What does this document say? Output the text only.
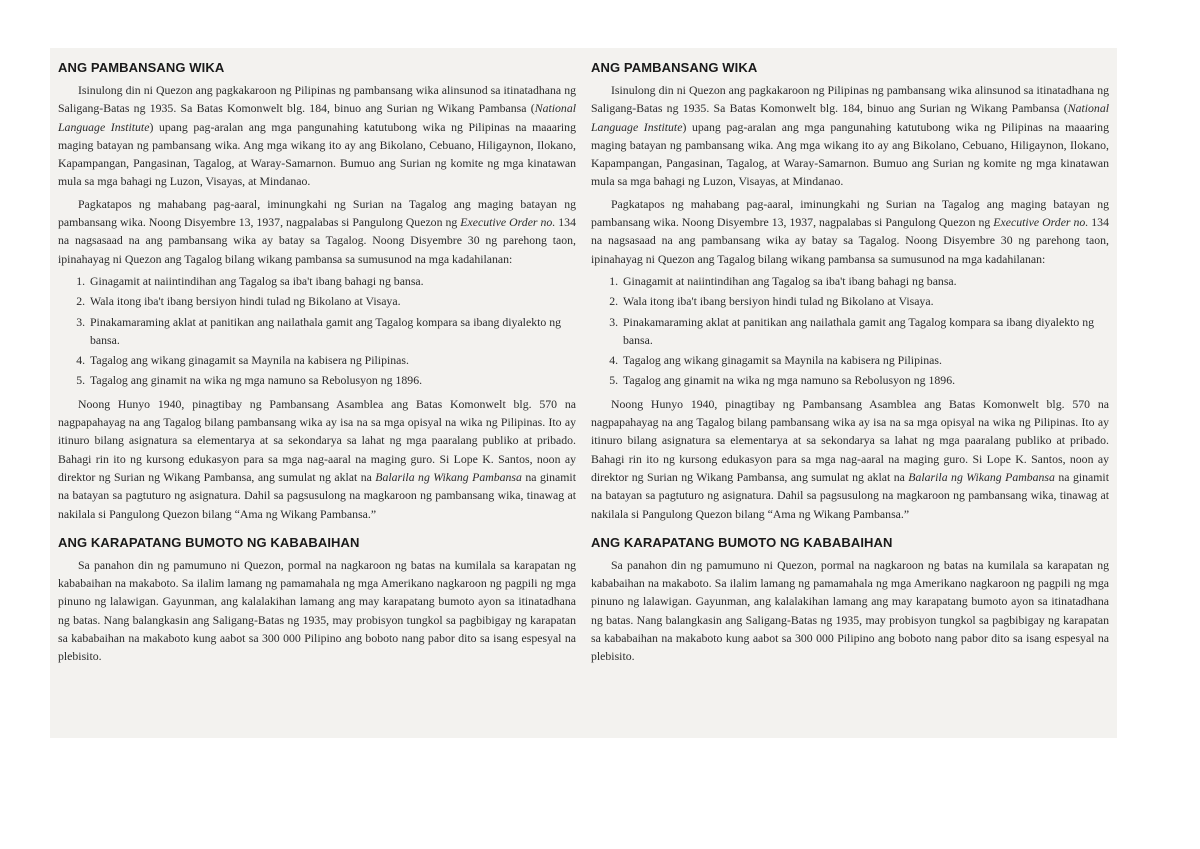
ANG PAMBANSANG WIKA

Isinulong din ni Quezon ang pagkakaroon ng Pilipinas ng pambansang wika alinsunod sa itinatadhana ng Saligang-Batas ng 1935. Sa Batas Komonwelt blg. 184, binuo ang Surian ng Wikang Pambansa (National Language Institute) upang pag-aralan ang mga pangunahing katutubong wika ng Pilipinas na maaaring maging batayan ng pambansang wika. Ang mga wikang ito ay ang Bikolano, Cebuano, Hiligaynon, Ilokano, Kapampangan, Pangasinan, Tagalog, at Waray-Samarnon. Bumuo ang Surian ng komite ng mga kinatawan mula sa mga bahagi ng Luzon, Visayas, at Mindanao.

Pagkatapos ng mahabang pag-aaral, iminungkahi ng Surian na Tagalog ang maging batayan ng pambansang wika. Noong Disyembre 13, 1937, nagpalabas si Pangulong Quezon ng Executive Order no. 134 na nagsasaad na ang pambansang wika ay batay sa Tagalog. Noong Disyembre 30 ng parehong taon, ipinahayag ni Quezon ang Tagalog bilang wikang pambansa sa sumusunod na mga kadahilanan:

1. Ginagamit at naiintindihan ang Tagalog sa iba't ibang bahagi ng bansa.
2. Wala itong iba't ibang bersiyon hindi tulad ng Bikolano at Visaya.
3. Pinakamaraming aklat at panitikan ang nailathala gamit ang Tagalog kompara sa ibang diyalekto ng bansa.
4. Tagalog ang wikang ginagamit sa Maynila na kabisera ng Pilipinas.
5. Tagalog ang ginamit na wika ng mga namuno sa Rebolusyon ng 1896.

Noong Hunyo 1940, pinagtibay ng Pambansang Asamblea ang Batas Komonwelt blg. 570 na nagpapahayag na ang Tagalog bilang pambansang wika ay isa na sa mga opisyal na wika ng Pilipinas. Ito ay itinuro bilang asignatura sa elementarya at sa sekondarya sa lahat ng mga paaralang publiko at pribado. Bahagi rin ito ng kursong edukasyon para sa mga nag-aaral na maging guro. Si Lope K. Santos, noon ay direktor ng Surian ng Wikang Pambansa, ang sumulat ng aklat na Balarila ng Wikang Pambansa na ginamit na batayan sa pagtuturo ng asignatura. Dahil sa pagsusulong na magkaroon ng pambansang wika, tinawag at nakilala si Pangulong Quezon bilang “Ama ng Wikang Pambansa.”

ANG KARAPATANG BUMOTO NG KABABAIHAN

Sa panahon din ng pamumuno ni Quezon, pormal na nagkaroon ng batas na kumilala sa karapatan ng kababaihan na makaboto. Sa ilalim lamang ng pamamahala ng mga Amerikano nagkaroon ng pagpili ng mga pinuno ng lalawigan. Gayunman, ang kalalakihan lamang ang may karapatang bumoto ayon sa itinatadhana ng batas. Nang balangkasin ang Saligang-Batas ng 1935, may probisyon tungkol sa pagbibigay ng karapatan sa kababaihan na makaboto kung aabot sa 300 000 Pilipino ang boboto nang pabor dito sa isang espesyal na plebisito.

ANG PAMBANSANG WIKA

Isinulong din ni Quezon ang pagkakaroon ng Pilipinas ng pambansang wika alinsunod sa itinatadhana ng Saligang-Batas ng 1935. Sa Batas Komonwelt blg. 184, binuo ang Surian ng Wikang Pambansa (National Language Institute) upang pag-aralan ang mga pangunahing katutubong wika ng Pilipinas na maaaring maging batayan ng pambansang wika. Ang mga wikang ito ay ang Bikolano, Cebuano, Hiligaynon, Ilokano, Kapampangan, Pangasinan, Tagalog, at Waray-Samarnon. Bumuo ang Surian ng komite ng mga kinatawan mula sa mga bahagi ng Luzon, Visayas, at Mindanao.

Pagkatapos ng mahabang pag-aaral, iminungkahi ng Surian na Tagalog ang maging batayan ng pambansang wika. Noong Disyembre 13, 1937, nagpalabas si Pangulong Quezon ng Executive Order no. 134 na nagsasaad na ang pambansang wika ay batay sa Tagalog. Noong Disyembre 30 ng parehong taon, ipinahayag ni Quezon ang Tagalog bilang wikang pambansa sa sumusunod na mga kadahilanan:

1. Ginagamit at naiintindihan ang Tagalog sa iba't ibang bahagi ng bansa.
2. Wala itong iba't ibang bersiyon hindi tulad ng Bikolano at Visaya.
3. Pinakamaraming aklat at panitikan ang nailathala gamit ang Tagalog kompara sa ibang diyalekto ng bansa.
4. Tagalog ang wikang ginagamit sa Maynila na kabisera ng Pilipinas.
5. Tagalog ang ginamit na wika ng mga namuno sa Rebolusyon ng 1896.

Noong Hunyo 1940, pinagtibay ng Pambansang Asamblea ang Batas Komonwelt blg. 570 na nagpapahayag na ang Tagalog bilang pambansang wika ay isa na sa mga opisyal na wika ng Pilipinas. Ito ay itinuro bilang asignatura sa elementarya at sa sekondarya sa lahat ng mga paaralang publiko at pribado. Bahagi rin ito ng kursong edukasyon para sa mga nag-aaral na maging guro. Si Lope K. Santos, noon ay direktor ng Surian ng Wikang Pambansa, ang sumulat ng aklat na Balarila ng Wikang Pambansa na ginamit na batayan sa pagtuturo ng asignatura. Dahil sa pagsusulong na magkaroon ng pambansang wika, tinawag at nakilala si Pangulong Quezon bilang “Ama ng Wikang Pambansa.”

ANG KARAPATANG BUMOTO NG KABABAIHAN

Sa panahon din ng pamumuno ni Quezon, pormal na nagkaroon ng batas na kumilala sa karapatan ng kababaihan na makaboto. Sa ilalim lamang ng pamamahala ng mga Amerikano nagkaroon ng pagpili ng mga pinuno ng lalawigan. Gayunman, ang kalalakihan lamang ang may karapatang bumoto ayon sa itinatadhana ng batas. Nang balangkasin ang Saligang-Batas ng 1935, may probisyon tungkol sa pagbibigay ng karapatan sa kababaihan na makaboto kung aabot sa 300 000 Pilipino ang boboto nang pabor dito sa isang espesyal na plebisito.
